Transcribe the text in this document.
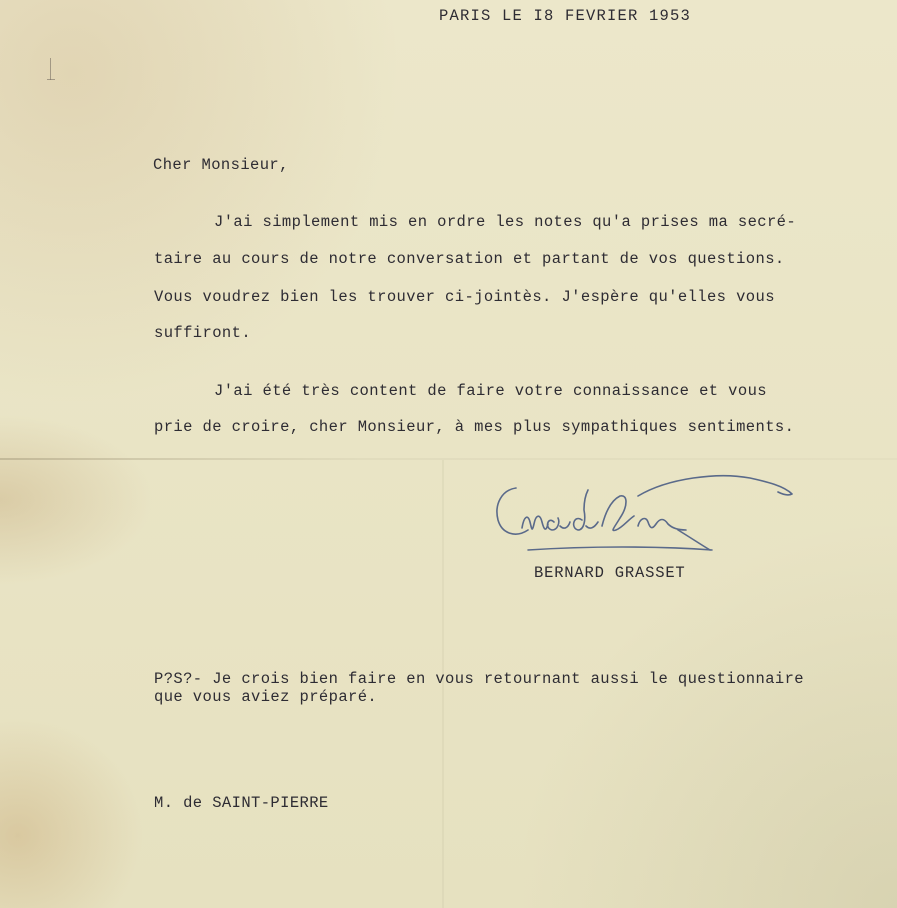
PARIS LE I8 FEVRIER 1953
Cher Monsieur,
J'ai simplement mis en ordre les notes qu'a prises ma secré-
taire au cours de notre conversation et partant de vos questions.
Vous voudrez bien les trouver ci-jointès. J'espère qu'elles vous
suffiront.
J'ai été très content de faire votre connaissance et vous
prie de croire, cher Monsieur, à mes plus sympathiques sentiments.
BERNARD GRASSET
P?S?- Je crois bien faire en vous retournant aussi le questionnaire
que vous aviez préparé.
M. de SAINT-PIERRE
